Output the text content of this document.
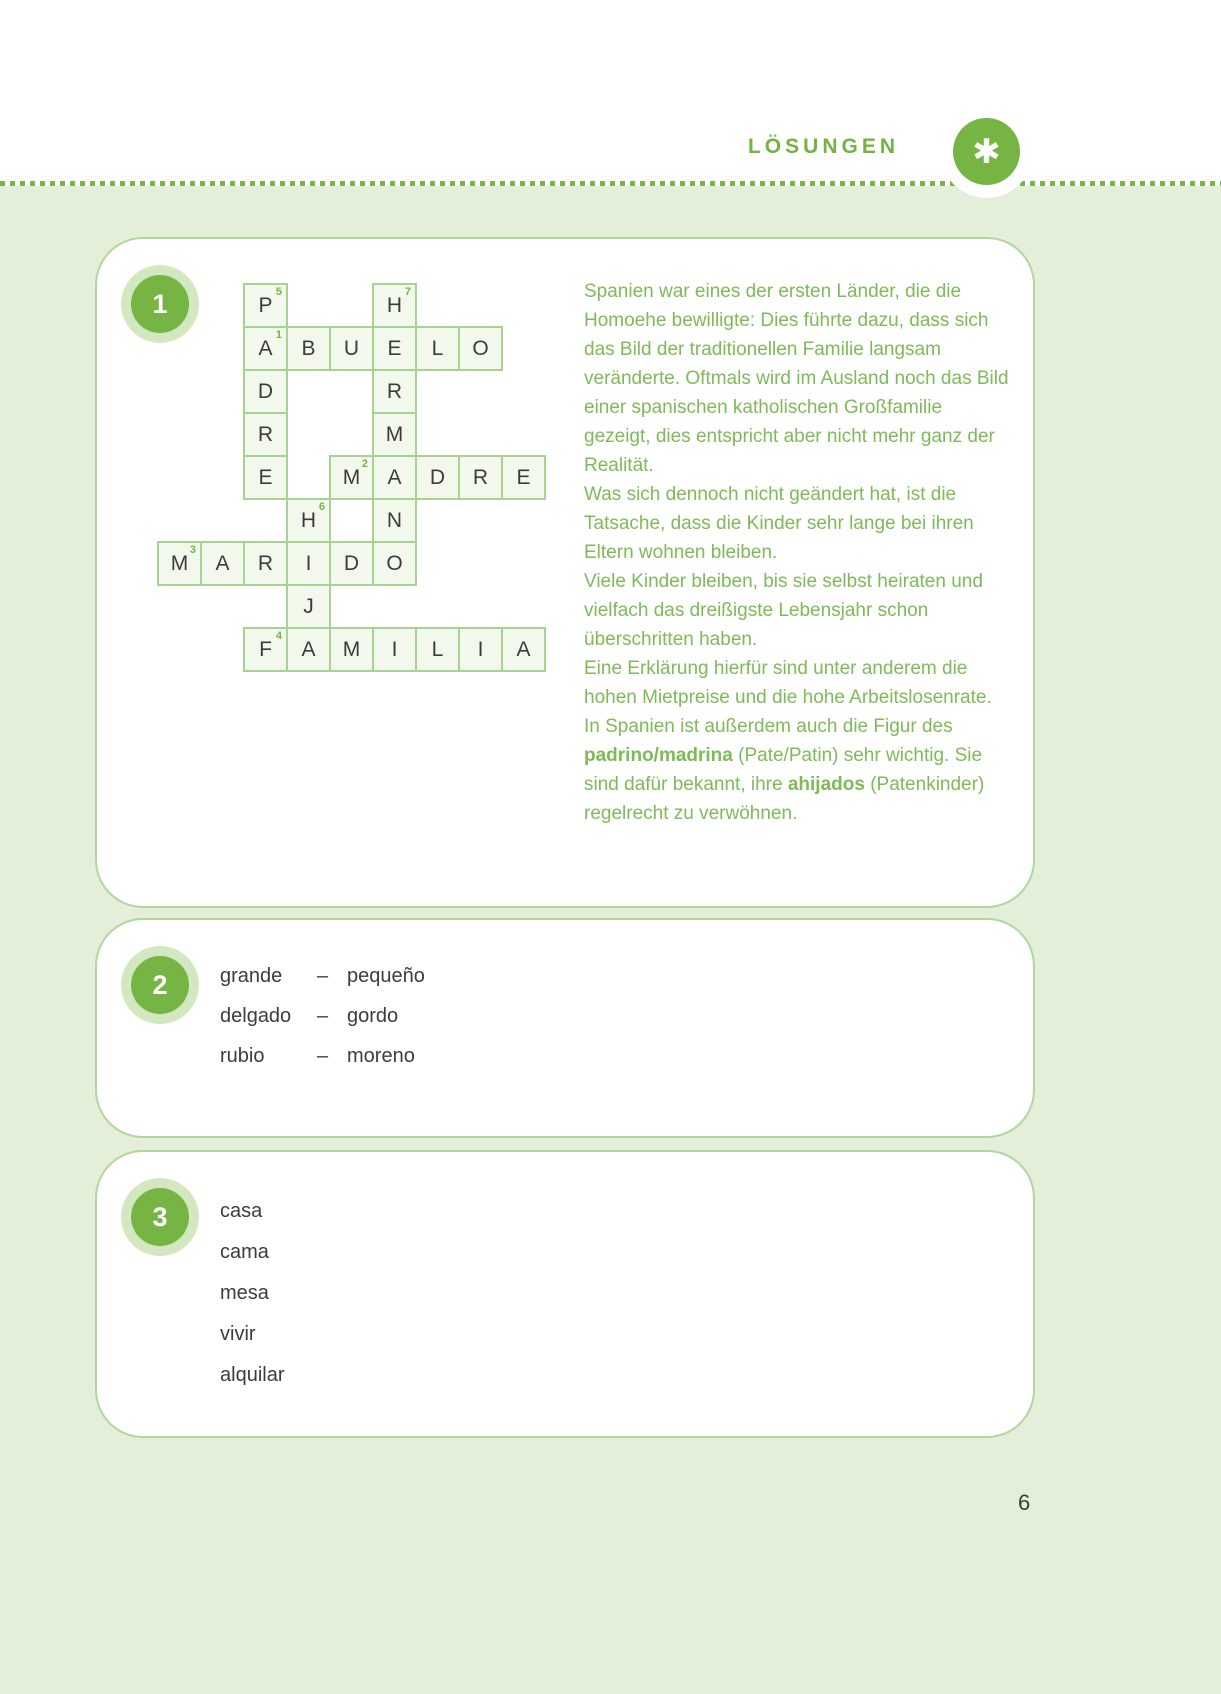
LÖSUNGEN	✱
1	P
5
H
7
A
1
B U E L O
D	R
R	M
E	M
2
A D R E
H
6
N
M
3
A R I D O
J
F
4
A M I L I A

Spanien war eines der ersten Länder, die die Homoehe bewilligte: Dies führte dazu, dass sich das Bild der traditionellen Familie langsam veränderte. Oftmals wird im Ausland noch das Bild einer spanischen katholischen Großfamilie gezeigt, dies entspricht aber nicht mehr ganz der Realität.

Was sich dennoch nicht geändert hat, ist die Tatsache, dass die Kinder sehr lange bei ihren Eltern wohnen bleiben.

Viele Kinder bleiben, bis sie selbst heiraten und vielfach das dreißigste Lebensjahr schon überschritten haben.

Eine Erklärung hierfür sind unter anderem die hohen Mietpreise und die hohe Arbeitslosenrate. In Spanien ist außerdem auch die Figur des padrino/madrina (Pate/Patin) sehr wichtig. Sie sind dafür bekannt, ihre ahijados (Patenkinder) regelrecht zu verwöhnen.

2	grande	– pequeño
delgado	– gordo
rubio	– moreno
3	casa
cama
mesa
vivir
alquilar
6
